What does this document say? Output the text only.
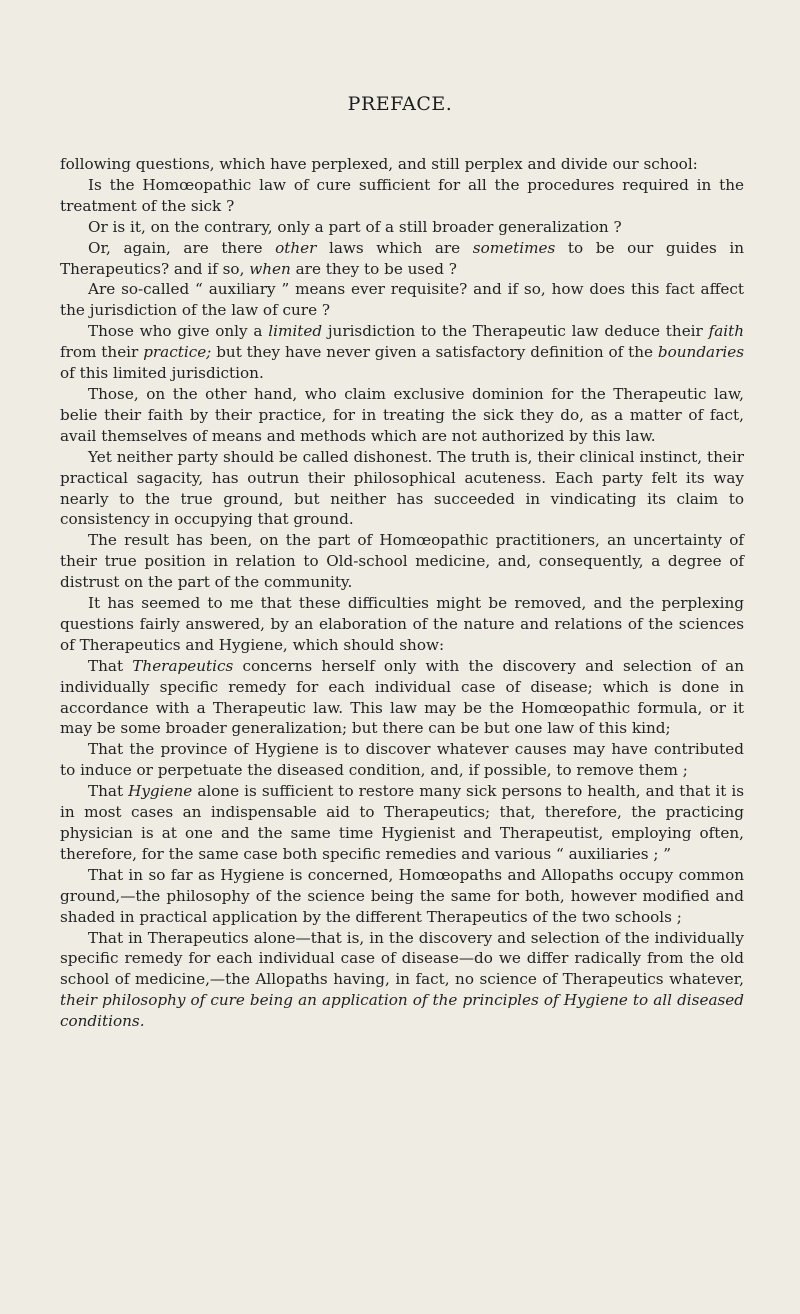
PREFACE.

following questions, which have perplexed, and still perplex and divide our school:

Is the Homœopathic law of cure sufficient for all the procedures required in the treatment of the sick ?

Or is it, on the contrary, only a part of a still broader generalization ?

Or, again, are there other laws which are sometimes to be our guides in Therapeutics? and if so, when are they to be used ?

Are so-called “ auxiliary ” means ever requisite? and if so, how does this fact affect the jurisdiction of the law of cure ?

Those who give only a limited jurisdiction to the Therapeutic law deduce their faith from their practice; but they have never given a satisfactory definition of the boundaries of this limited jurisdiction.

Those, on the other hand, who claim exclusive dominion for the Therapeutic law, belie their faith by their practice, for in treating the sick they do, as a matter of fact, avail themselves of means and methods which are not authorized by this law.

Yet neither party should be called dishonest. The truth is, their clinical instinct, their practical sagacity, has outrun their philosophical acuteness. Each party felt its way nearly to the true ground, but neither has succeeded in vindicating its claim to consistency in occupying that ground.

The result has been, on the part of Homœopathic practitioners, an uncertainty of their true position in relation to Old-school medicine, and, consequently, a degree of distrust on the part of the community.

It has seemed to me that these difficulties might be removed, and the perplexing questions fairly answered, by an elaboration of the nature and relations of the sciences of Therapeutics and Hygiene, which should show:

That Therapeutics concerns herself only with the discovery and selection of an individually specific remedy for each individual case of disease; which is done in accordance with a Therapeutic law. This law may be the Homœopathic formula, or it may be some broader generalization; but there can be but one law of this kind;

That the province of Hygiene is to discover whatever causes may have contributed to induce or perpetuate the diseased condition, and, if possible, to remove them ;

That Hygiene alone is sufficient to restore many sick persons to health, and that it is in most cases an indispensable aid to Therapeutics; that, therefore, the practicing physician is at one and the same time Hygienist and Therapeutist, employing often, therefore, for the same case both specific remedies and various “ auxiliaries ; ”

That in so far as Hygiene is concerned, Homœopaths and Allopaths occupy common ground,—the philosophy of the science being the same for both, however modified and shaded in practical application by the different Therapeutics of the two schools ;

That in Therapeutics alone—that is, in the discovery and selection of the individually specific remedy for each individual case of disease—do we differ radically from the old school of medicine,—the Allopaths having, in fact, no science of Therapeutics whatever, their philosophy of cure being an application of the principles of Hygiene to all diseased conditions.
